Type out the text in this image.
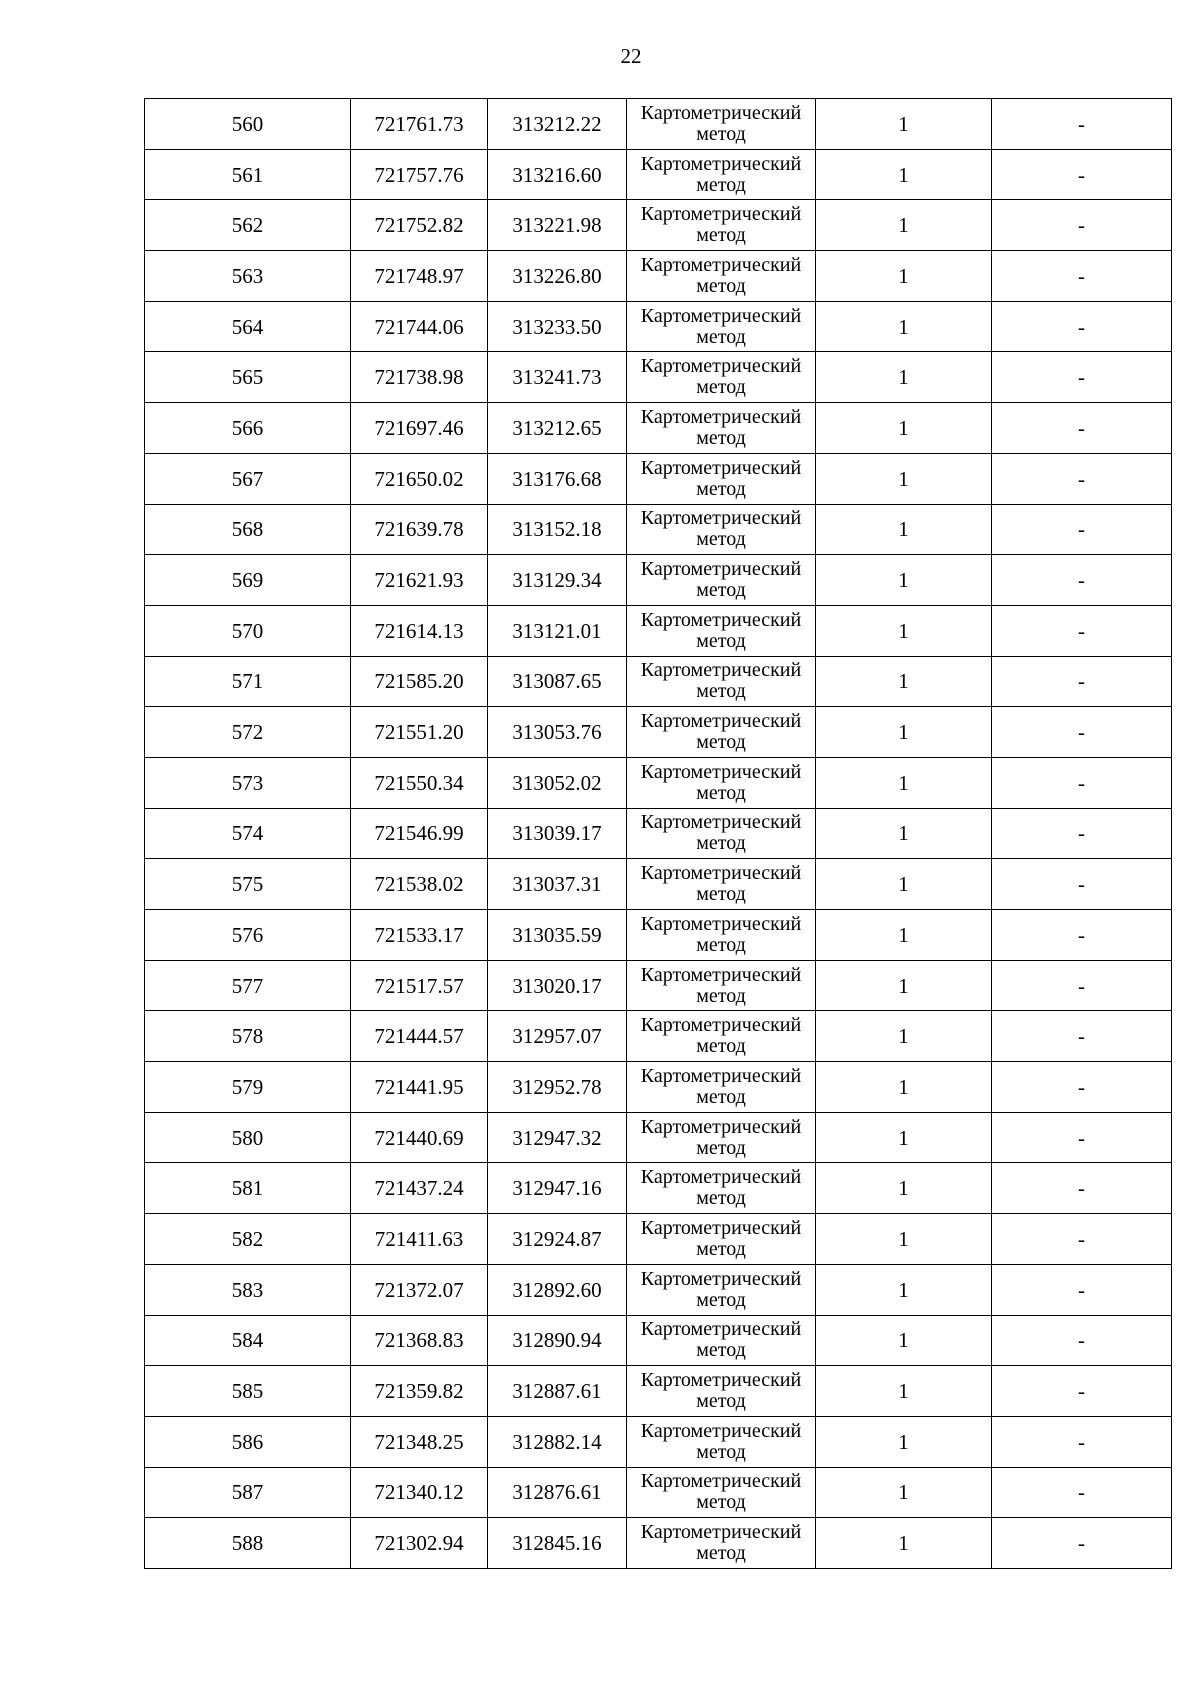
22
560	721761.73	313212.22	Картометрический метод	1	-
561	721757.76	313216.60	Картометрический метод	1	-
562	721752.82	313221.98	Картометрический метод	1	-
563	721748.97	313226.80	Картометрический метод	1	-
564	721744.06	313233.50	Картометрический метод	1	-
565	721738.98	313241.73	Картометрический метод	1	-
566	721697.46	313212.65	Картометрический метод	1	-
567	721650.02	313176.68	Картометрический метод	1	-
568	721639.78	313152.18	Картометрический метод	1	-
569	721621.93	313129.34	Картометрический метод	1	-
570	721614.13	313121.01	Картометрический метод	1	-
571	721585.20	313087.65	Картометрический метод	1	-
572	721551.20	313053.76	Картометрический метод	1	-
573	721550.34	313052.02	Картометрический метод	1	-
574	721546.99	313039.17	Картометрический метод	1	-
575	721538.02	313037.31	Картометрический метод	1	-
576	721533.17	313035.59	Картометрический метод	1	-
577	721517.57	313020.17	Картометрический метод	1	-
578	721444.57	312957.07	Картометрический метод	1	-
579	721441.95	312952.78	Картометрический метод	1	-
580	721440.69	312947.32	Картометрический метод	1	-
581	721437.24	312947.16	Картометрический метод	1	-
582	721411.63	312924.87	Картометрический метод	1	-
583	721372.07	312892.60	Картометрический метод	1	-
584	721368.83	312890.94	Картометрический метод	1	-
585	721359.82	312887.61	Картометрический метод	1	-
586	721348.25	312882.14	Картометрический метод	1	-
587	721340.12	312876.61	Картометрический метод	1	-
588	721302.94	312845.16	Картометрический метод	1	-
